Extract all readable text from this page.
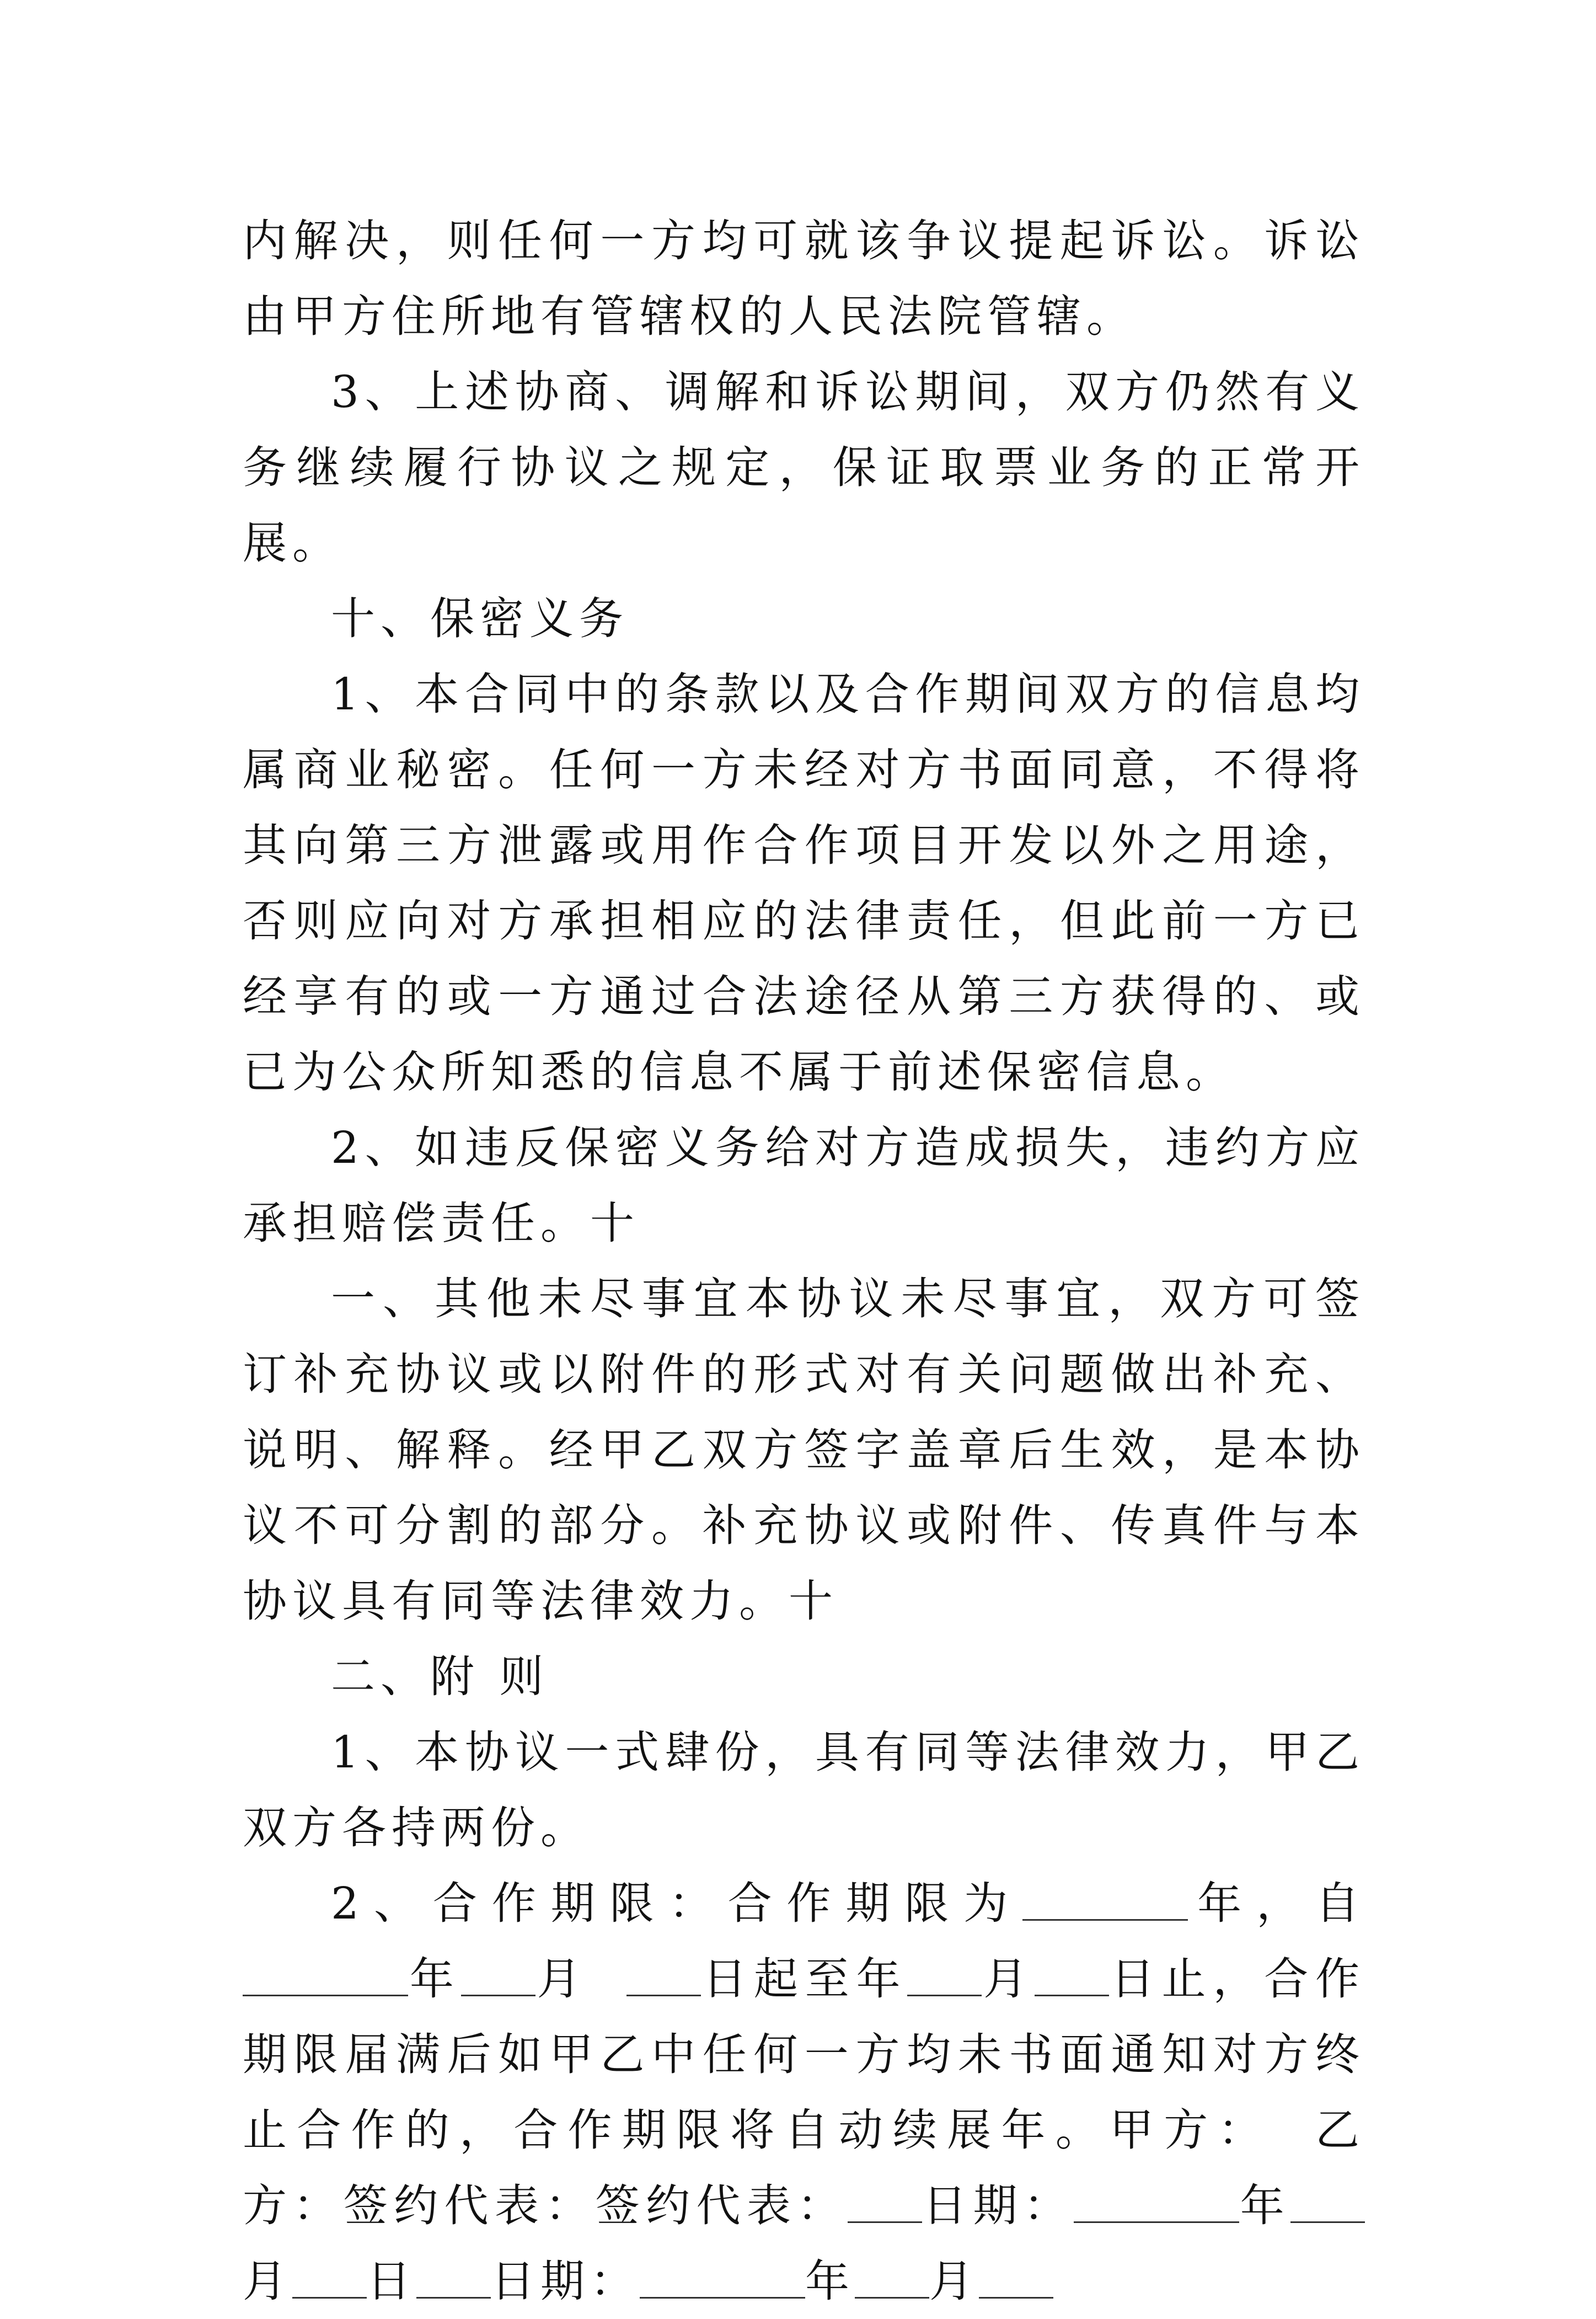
内解决，则任何一方均可就该争议提起诉讼。诉讼由甲方住所地有管辖权的人民法院管辖。

3、上述协商、调解和诉讼期间，双方仍然有义务继续履行协议之规定，保证取票业务的正常开展。

十、保密义务

1、本合同中的条款以及合作期间双方的信息均属商业秘密。任何一方未经对方书面同意，不得将其向第三方泄露或用作合作项目开发以外之用途，否则应向对方承担相应的法律责任，但此前一方已经享有的或一方通过合法途径从第三方获得的、或已为公众所知悉的信息不属于前述保密信息。

2、如违反保密义务给对方造成损失，违约方应承担赔偿责任。十

一、其他未尽事宜本协议未尽事宜，双方可签订补充协议或以附件的形式对有关问题做出补充、说明、解释。经甲乙双方签字盖章后生效，是本协议不可分割的部分。补充协议或附件、传真件与本协议具有同等法律效力。十

二、附 则

1、本协议一式肆份，具有同等法律效力，甲乙双方各持两份。

2、合作期限：合作期限为	年，自年 月	日起至年 月 日止，合作期限届满后如甲乙中任何一方均未书面通知对方终止合作的，合作期限将自动续展年。甲方： 乙方：签约代表：签约代表： 日期：	年月 日 日期：	年 月
